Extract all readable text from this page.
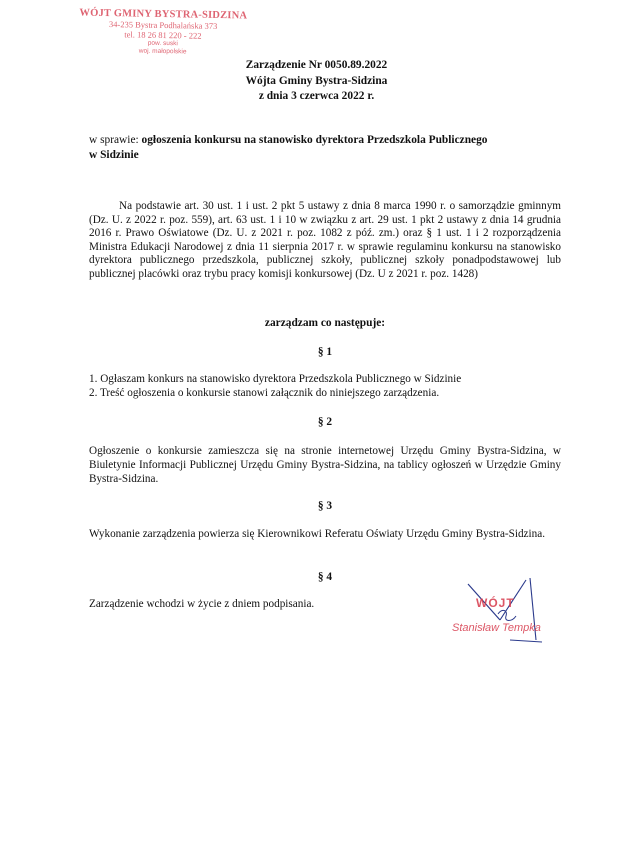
WÓJT GMINY BYSTRA-SIDZINA
34-235 Bystra Podhalańska 373
tel. 18 26 81 220 - 222
pow. suski
woj. małopolskie
Zarządzenie Nr 0050.89.2022
Wójta Gminy Bystra-Sidzina
z dnia 3 czerwca 2022 r.
w sprawie: ogłoszenia konkursu na stanowisko dyrektora Przedszkola Publicznego
w Sidzinie
Na podstawie art. 30 ust. 1 i ust. 2 pkt 5 ustawy z dnia 8 marca 1990 r. o samorządzie gminnym (Dz. U. z 2022 r. poz. 559), art. 63 ust. 1 i 10 w związku z art. 29 ust. 1 pkt 2 ustawy z dnia 14 grudnia 2016 r. Prawo Oświatowe (Dz. U. z 2021 r. poz. 1082 z póź. zm.) oraz § 1 ust. 1 i 2 rozporządzenia Ministra Edukacji Narodowej z dnia 11 sierpnia 2017 r. w sprawie regulaminu konkursu na stanowisko dyrektora publicznego przedszkola, publicznej szkoły, publicznej szkoły ponadpodstawowej lub publicznej placówki oraz trybu pracy komisji konkursowej (Dz. U z 2021 r. poz. 1428)
zarządzam co następuje:
§ 1
1. Ogłaszam konkurs na stanowisko dyrektora Przedszkola Publicznego w Sidzinie
2. Treść ogłoszenia o konkursie stanowi załącznik do niniejszego zarządzenia.
§ 2
Ogłoszenie o konkursie zamieszcza się na stronie internetowej Urzędu Gminy Bystra-Sidzina, w Biuletynie Informacji Publicznej Urzędu Gminy Bystra-Sidzina, na tablicy ogłoszeń w Urzędzie Gminy Bystra-Sidzina.
§ 3
Wykonanie zarządzenia powierza się Kierownikowi Referatu Oświaty Urzędu Gminy Bystra-Sidzina.
§ 4
Zarządzenie wchodzi w życie z dniem podpisania.	WÓJT
Stanisław Tempka
